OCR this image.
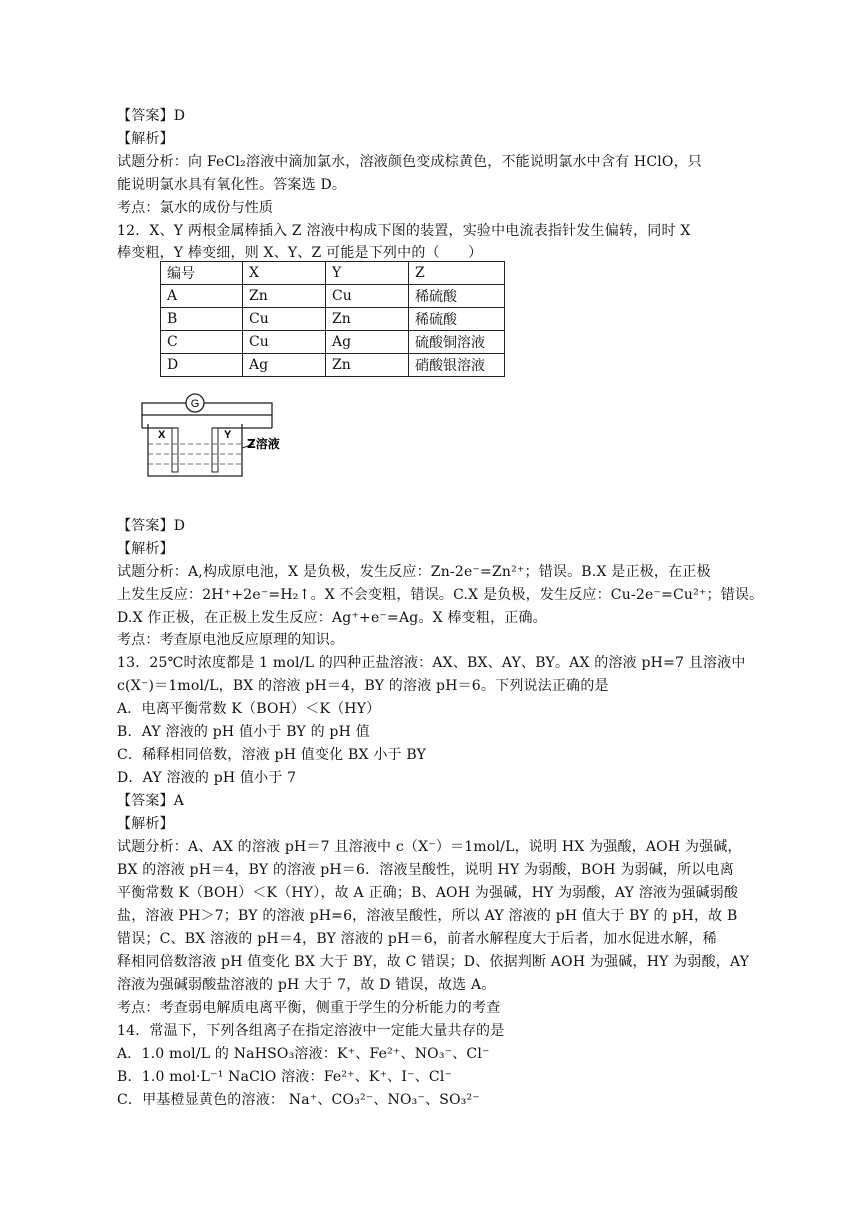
【答案】D
【解析】
试题分析：向 FeCl₂溶液中滴加氯水，溶液颜色变成棕黄色，不能说明氯水中含有 HClO，只
能说明氯水具有氧化性。答案选 D。
考点：氯水的成份与性质
12．X、Y 两根金属棒插入 Z 溶液中构成下图的装置，实验中电流表指针发生偏转，同时 X
棒变粗，Y 棒变细，则 X、Y、Z 可能是下列中的（　　）
编号	X	Y	Z
A	Zn	Cu	稀硫酸
B	Cu	Zn	稀硫酸
C	Cu	Ag	硫酸铜溶液
D	Ag	Zn	硝酸银溶液
G
X	Y
Z溶液
【答案】D
【解析】
试题分析：A,构成原电池，X 是负极，发生反应：Zn-2e⁻=Zn²⁺；错误。B.X 是正极，在正极
上发生反应：2H⁺+2e⁻=H₂↑。X 不会变粗，错误。C.X 是负极，发生反应：Cu-2e⁻=Cu²⁺；错误。
D.X 作正极，在正极上发生反应：Ag⁺+e⁻=Ag。X 棒变粗，正确。
考点：考查原电池反应原理的知识。
13．25℃时浓度都是 1 mol/L 的四种正盐溶液：AX、BX、AY、BY。AX 的溶液 pH=7 且溶液中
c(X⁻)＝1mol/L，BX 的溶液 pH＝4，BY 的溶液 pH＝6。下列说法正确的是
A．电离平衡常数 K（BOH）＜K（HY）
B．AY 溶液的 pH 值小于 BY 的 pH 值
C．稀释相同倍数，溶液 pH 值变化 BX 小于 BY
D．AY 溶液的 pH 值小于 7
【答案】A
【解析】
试题分析：A、AX 的溶液 pH＝7 且溶液中 c（X⁻）＝1mol/L，说明 HX 为强酸，AOH 为强碱，
BX 的溶液 pH＝4，BY 的溶液 pH＝6．溶液呈酸性，说明 HY 为弱酸，BOH 为弱碱，所以电离
平衡常数 K（BOH）＜K（HY），故 A 正确；B、AOH 为强碱，HY 为弱酸，AY 溶液为强碱弱酸
盐，溶液 PH＞7；BY 的溶液 pH=6，溶液呈酸性，所以 AY 溶液的 pH 值大于 BY 的 pH，故 B
错误；C、BX 溶液的 pH＝4，BY 溶液的 pH＝6，前者水解程度大于后者，加水促进水解，稀
释相同倍数溶液 pH 值变化 BX 大于 BY，故 C 错误；D、依据判断 AOH 为强碱，HY 为弱酸，AY
溶液为强碱弱酸盐溶液的 pH 大于 7，故 D 错误，故选 A。
考点：考查弱电解质电离平衡，侧重于学生的分析能力的考查
14．常温下，下列各组离子在指定溶液中一定能大量共存的是
A．1.0 mol/L 的 NaHSO₃溶液：K⁺、Fe²⁺、NO₃⁻、Cl⁻
B．1.0 mol·L⁻¹ NaClO 溶液：Fe²⁺、K⁺、I⁻、Cl⁻
C．甲基橙显黄色的溶液： Na⁺、CO₃²⁻、NO₃⁻、SO₃²⁻
